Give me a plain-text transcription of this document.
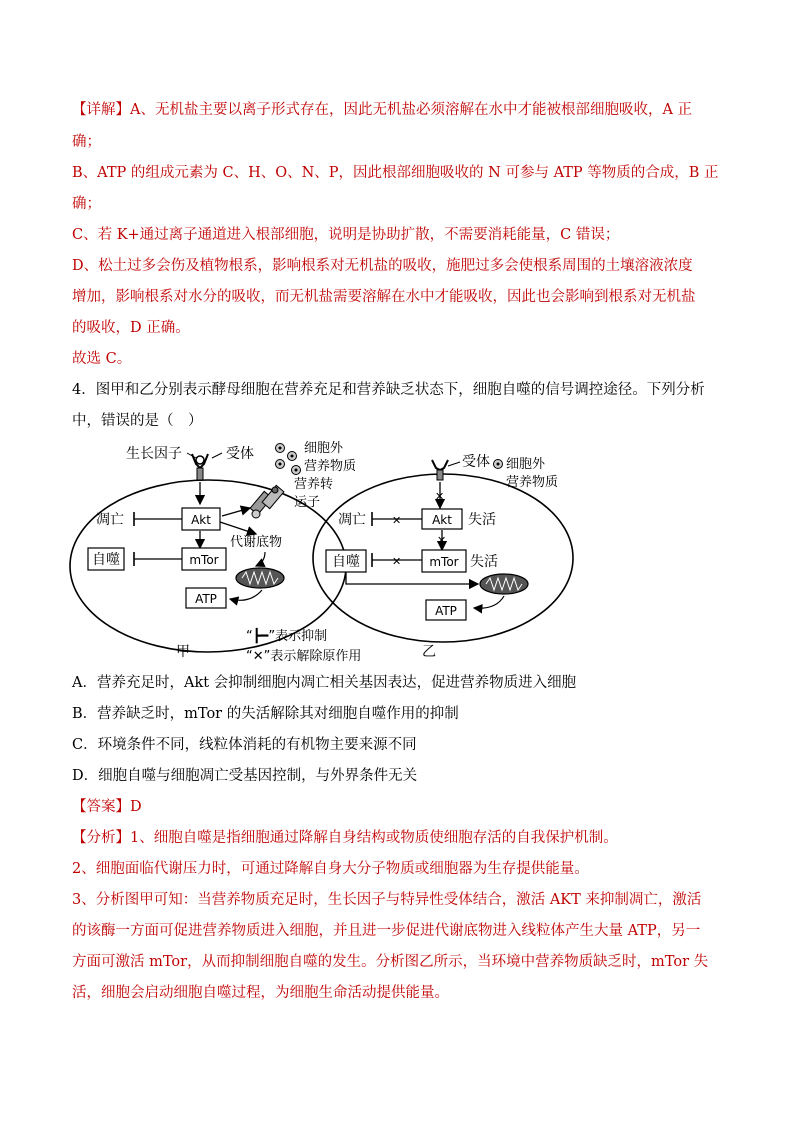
【详解】A、无机盐主要以离子形式存在，因此无机盐必须溶解在水中才能被根部细胞吸收，A 正
确；
B、ATP 的组成元素为 C、H、O、N、P，因此根部细胞吸收的 N 可参与 ATP 等物质的合成，B 正
确；
C、若 K+通过离子通道进入根部细胞，说明是协助扩散，不需要消耗能量，C 错误；
D、松土过多会伤及植物根系，影响根系对无机盐的吸收，施肥过多会使根系周围的土壤溶液浓度
增加，影响根系对水分的吸收，而无机盐需要溶解在水中才能吸收，因此也会影响到根系对无机盐
的吸收，D 正确。
故选 C。
4．图甲和乙分别表示酵母细胞在营养充足和营养缺乏状态下，细胞自噬的信号调控途径。下列分析
中，错误的是（　）
生长因子	受体	细胞外
营养物质
营养转
运子
凋亡	Akt
自噬	mTor
代谢底物
ATP
甲
“┣━”表示抑制
“✕”表示解除原作用
受体 细胞外
营养物质
✕
凋亡 ✕	Akt 失活
✕
自噬	✕ mTor 失活
ATP
乙
A．营养充足时，Akt 会抑制细胞内凋亡相关基因表达，促进营养物质进入细胞
B．营养缺乏时，mTor 的失活解除其对细胞自噬作用的抑制
C．环境条件不同，线粒体消耗的有机物主要来源不同
D．细胞自噬与细胞凋亡受基因控制，与外界条件无关
【答案】D
【分析】1、细胞自噬是指细胞通过降解自身结构或物质使细胞存活的自我保护机制。
2、细胞面临代谢压力时，可通过降解自身大分子物质或细胞器为生存提供能量。
3、分析图甲可知：当营养物质充足时，生长因子与特异性受体结合，激活 AKT 来抑制凋亡，激活
的该酶一方面可促进营养物质进入细胞，并且进一步促进代谢底物进入线粒体产生大量 ATP，另一
方面可激活 mTor，从而抑制细胞自噬的发生。分析图乙所示，当环境中营养物质缺乏时，mTor 失
活，细胞会启动细胞自噬过程，为细胞生命活动提供能量。
